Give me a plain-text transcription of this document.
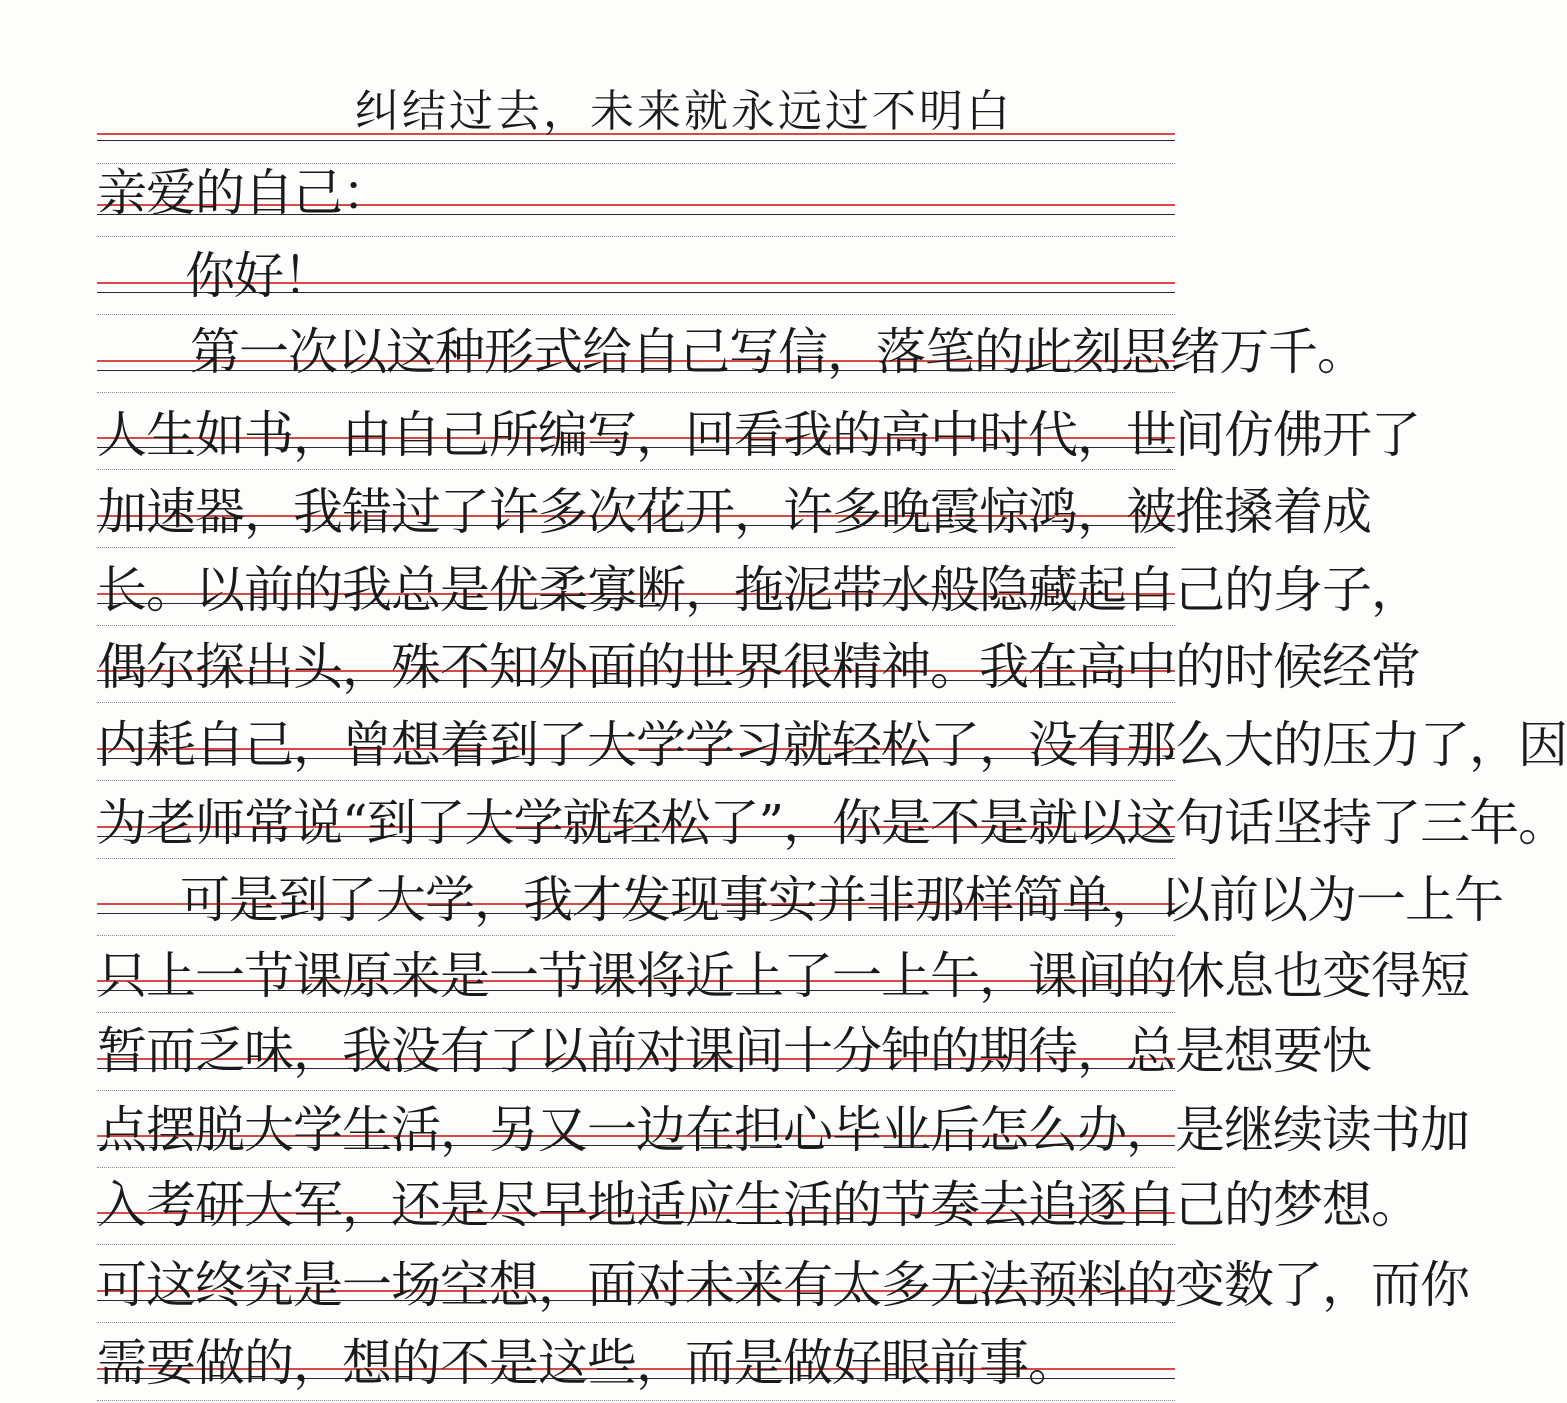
纠结过去，未来就永远过不明白
亲爱的自己：
你好！
第一次以这种形式给自己写信，落笔的此刻思绪万千。
人生如书，由自己所编写，回看我的高中时代，世间仿佛开了
加速器，我错过了许多次花开，许多晚霞惊鸿，被推搡着成
长。以前的我总是优柔寡断，拖泥带水般隐藏起自己的身子，
偶尔探出头，殊不知外面的世界很精神。我在高中的时候经常
内耗自己，曾想着到了大学学习就轻松了，没有那么大的压力了，因
为老师常说“到了大学就轻松了”，你是不是就以这句话坚持了三年。
可是到了大学，我才发现事实并非那样简单，以前以为一上午
只上一节课原来是一节课将近上了一上午，课间的休息也变得短
暂而乏味，我没有了以前对课间十分钟的期待，总是想要快
点摆脱大学生活，另又一边在担心毕业后怎么办，是继续读书加
入考研大军，还是尽早地适应生活的节奏去追逐自己的梦想。
可这终究是一场空想，面对未来有太多无法预料的变数了，而你
需要做的，想的不是这些，而是做好眼前事。
